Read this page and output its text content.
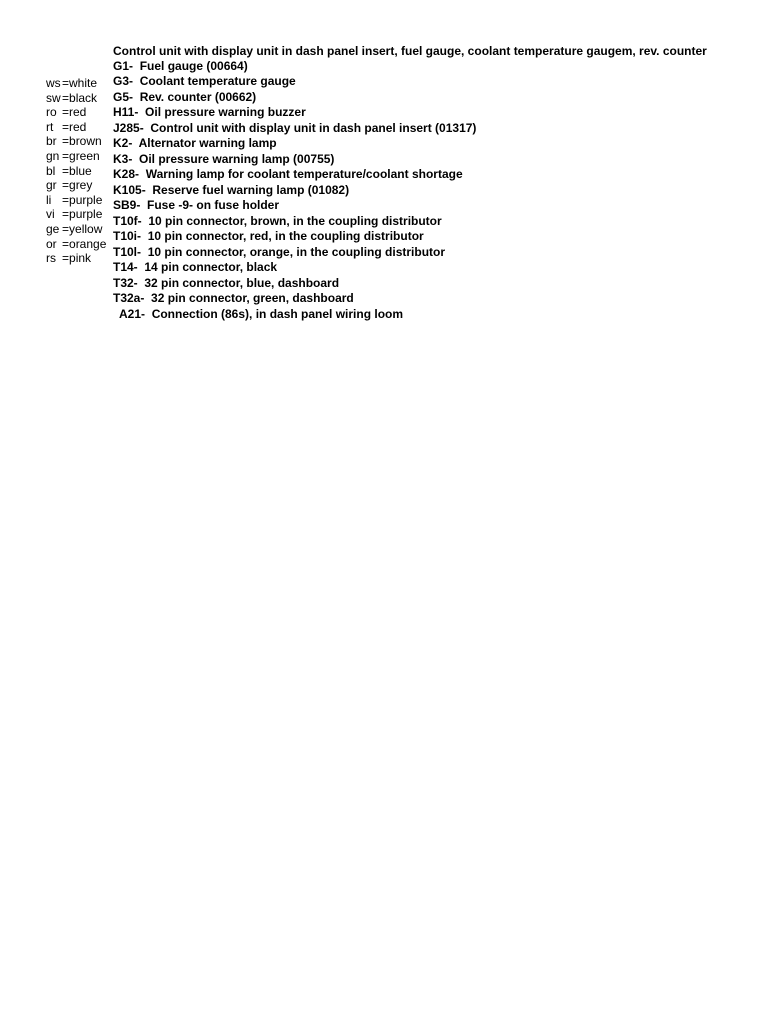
ws = white
sw = black
ro = red
rt = red
br = brown
gn = green
bl = blue
gr = grey
li = purple
vi = purple
ge = yellow
or = orange
rs = pink

Control unit with display unit in dash panel insert, fuel gauge, coolant temperature gaugem, rev. counter

G1- Fuel gauge (00664)
G3- Coolant temperature gauge
G5- Rev. counter (00662)
H11- Oil pressure warning buzzer
J285- Control unit with display unit in dash panel insert (01317)
K2- Alternator warning lamp
K3- Oil pressure warning lamp (00755)
K28- Warning lamp for coolant temperature/coolant shortage
K105- Reserve fuel warning lamp (01082)
SB9- Fuse -9- on fuse holder
T10f- 10 pin connector, brown, in the coupling distributor
T10i- 10 pin connector, red, in the coupling distributor
T10l- 10 pin connector, orange, in the coupling distributor
T14- 14 pin connector, black
T32- 32 pin connector, blue, dashboard
T32a- 32 pin connector, green, dashboard
A21- Connection (86s), in dash panel wiring loom
